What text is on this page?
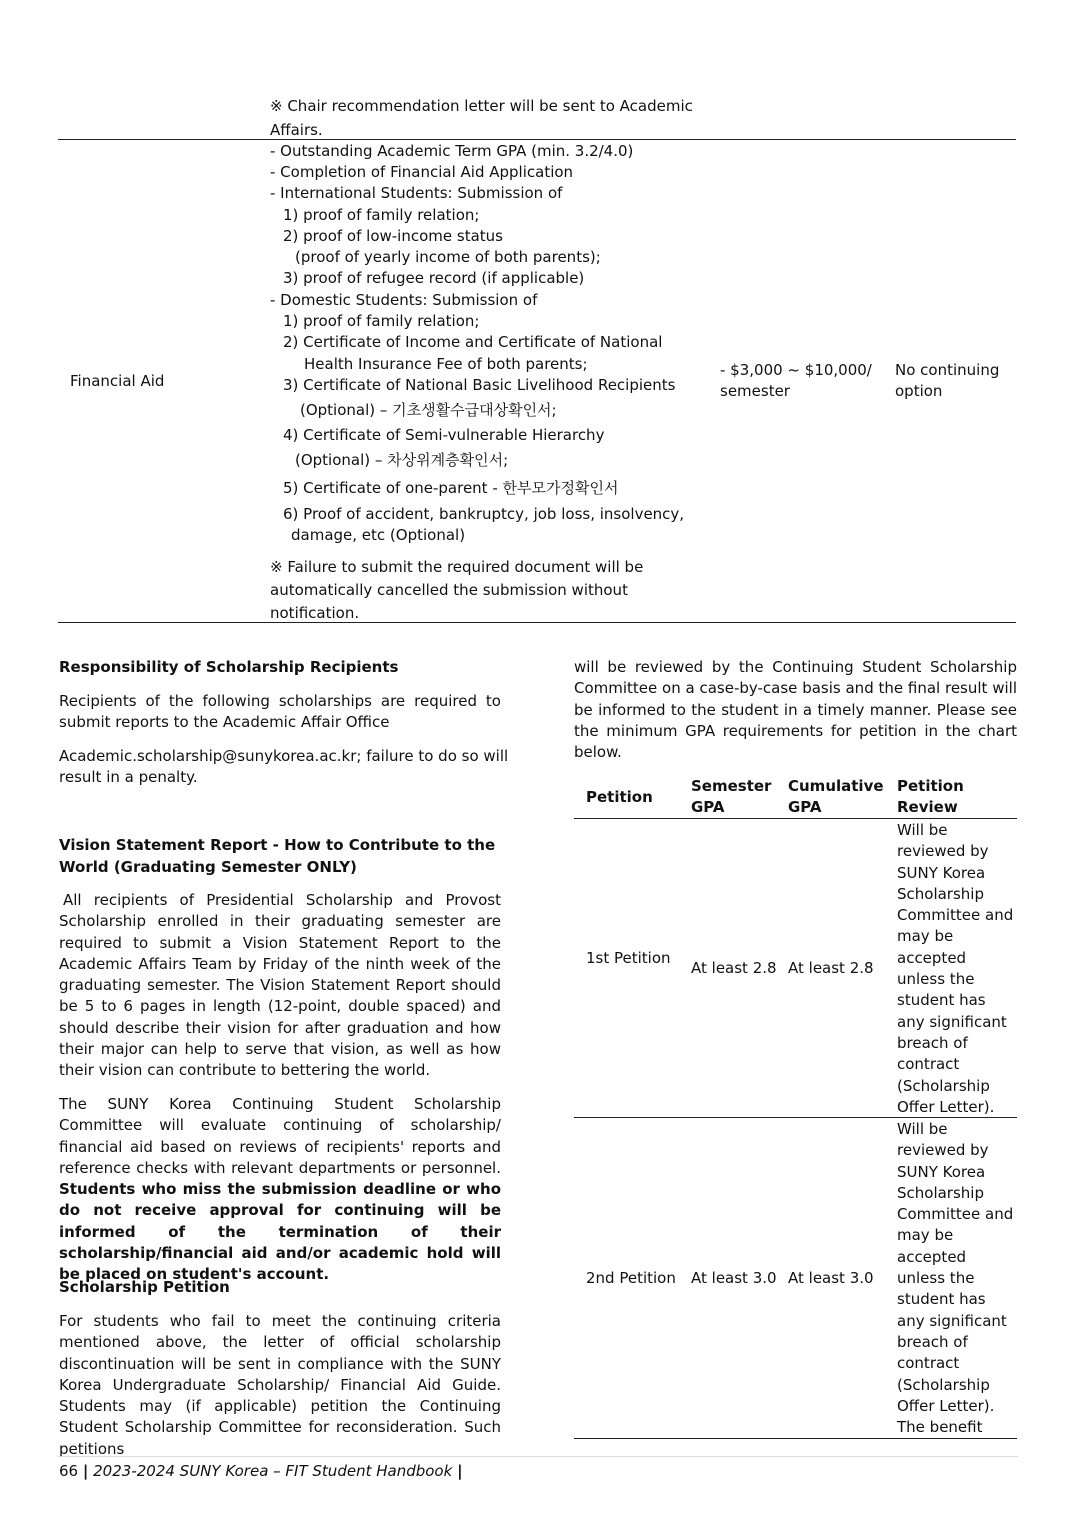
※ Chair recommendation letter will be sent to Academic Affairs.
Financial Aid
- Outstanding Academic Term GPA (min. 3.2/4.0)
- Completion of Financial Aid Application
- International Students: Submission of
1) proof of family relation;
2) proof of low-income status
(proof of yearly income of both parents);
3) proof of refugee record (if applicable)
- Domestic Students: Submission of
1) proof of family relation;
2) Certificate of Income and Certificate of National
Health Insurance Fee of both parents;
3) Certificate of National Basic Livelihood Recipients
(Optional) – 기초생활수급대상확인서;
4) Certificate of Semi-vulnerable Hierarchy
(Optional) – 차상위계층확인서;
5) Certificate of one-parent - 한부모가정확인서
6) Proof of accident, bankruptcy, job loss, insolvency,
damage, etc (Optional)
※ Failure to submit the required document will be automatically cancelled the submission without notification.
- $3,000 ~ $10,000/ semester
No continuing option
Responsibility of Scholarship Recipients
Recipients of the following scholarships are required to submit reports to the Academic Affair Office
Academic.scholarship@sunykorea.ac.kr; failure to do so will result in a penalty.
Vision Statement Report - How to Contribute to the World (Graduating Semester ONLY)
All recipients of Presidential Scholarship and Provost Scholarship enrolled in their graduating semester are required to submit a Vision Statement Report to the Academic Affairs Team by Friday of the ninth week of the graduating semester. The Vision Statement Report should be 5 to 6 pages in length (12-point, double spaced) and should describe their vision for after graduation and how their major can help to serve that vision, as well as how their vision can contribute to bettering the world.
The SUNY Korea Continuing Student Scholarship Committee will evaluate continuing of scholarship/ financial aid based on reviews of recipients' reports and reference checks with relevant departments or personnel. Students who miss the submission deadline or who do not receive approval for continuing will be informed of the termination of their scholarship/financial aid and/or academic hold will be placed on student's account.
Scholarship Petition
For students who fail to meet the continuing criteria mentioned above, the letter of official scholarship discontinuation will be sent in compliance with the SUNY Korea Undergraduate Scholarship/ Financial Aid Guide. Students may (if applicable) petition the Continuing Student Scholarship Committee for reconsideration. Such petitions
will be reviewed by the Continuing Student Scholarship Committee on a case-by-case basis and the final result will be informed to the student in a timely manner. Please see the minimum GPA requirements for petition in the chart below.
Petition
Semester GPA
Cumulative GPA
Petition Review
1st Petition
At least 2.8 At least 2.8
Will be
reviewed by
SUNY Korea
Scholarship
Committee and
may be
accepted
unless the
student has
any significant
breach of
contract
(Scholarship
Offer Letter).
2nd Petition	At least 3.0 At least 3.0
Will be
reviewed by
SUNY Korea
Scholarship
Committee and
may be
accepted
unless the
student has
any significant
breach of
contract
(Scholarship
Offer Letter).
The benefit
66 | 2023-2024 SUNY Korea – FIT Student Handbook |
